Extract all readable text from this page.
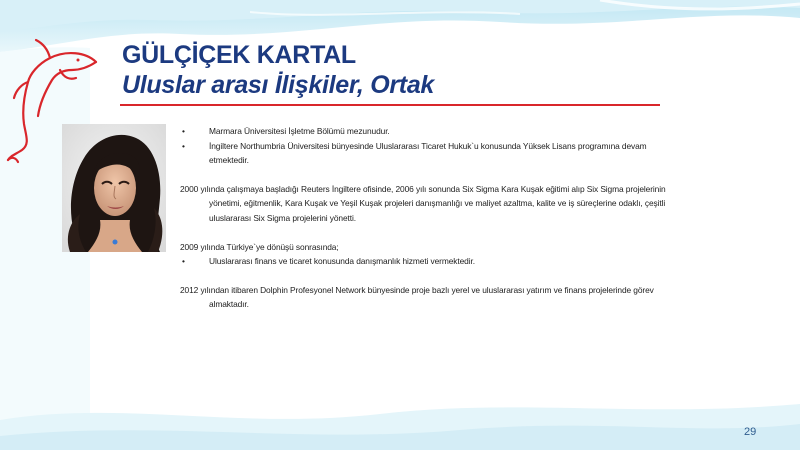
GÜLÇİÇEK KARTAL
Uluslar arası İlişkiler, Ortak
•	Marmara Üniversitesi İşletme Bölümü mezunudur.
•	İngiltere Northumbria Üniversitesi bünyesinde Uluslararası Ticaret Hukuk`u konusunda Yüksek Lisans programına devam etmektedir.
2000 yılında çalışmaya başladığı Reuters İngiltere ofisinde, 2006 yılı sonunda Six Sigma Kara Kuşak eğitimi alıp Six Sigma projelerinin yönetimi, eğitmenlik, Kara Kuşak ve Yeşil Kuşak projeleri danışmanlığı ve maliyet azaltma, kalite ve iş süreçlerine odaklı, çeşitli uluslararası Six Sigma projelerini yönetti.
2009 yılında Türkiye`ye dönüşü sonrasında;
•	Uluslararası finans ve ticaret konusunda danışmanlık hizmeti vermektedir.
2012 yılından itibaren Dolphin Profesyonel Network bünyesinde proje bazlı yerel ve uluslararası yatırım ve finans projelerinde görev almaktadır.
29
